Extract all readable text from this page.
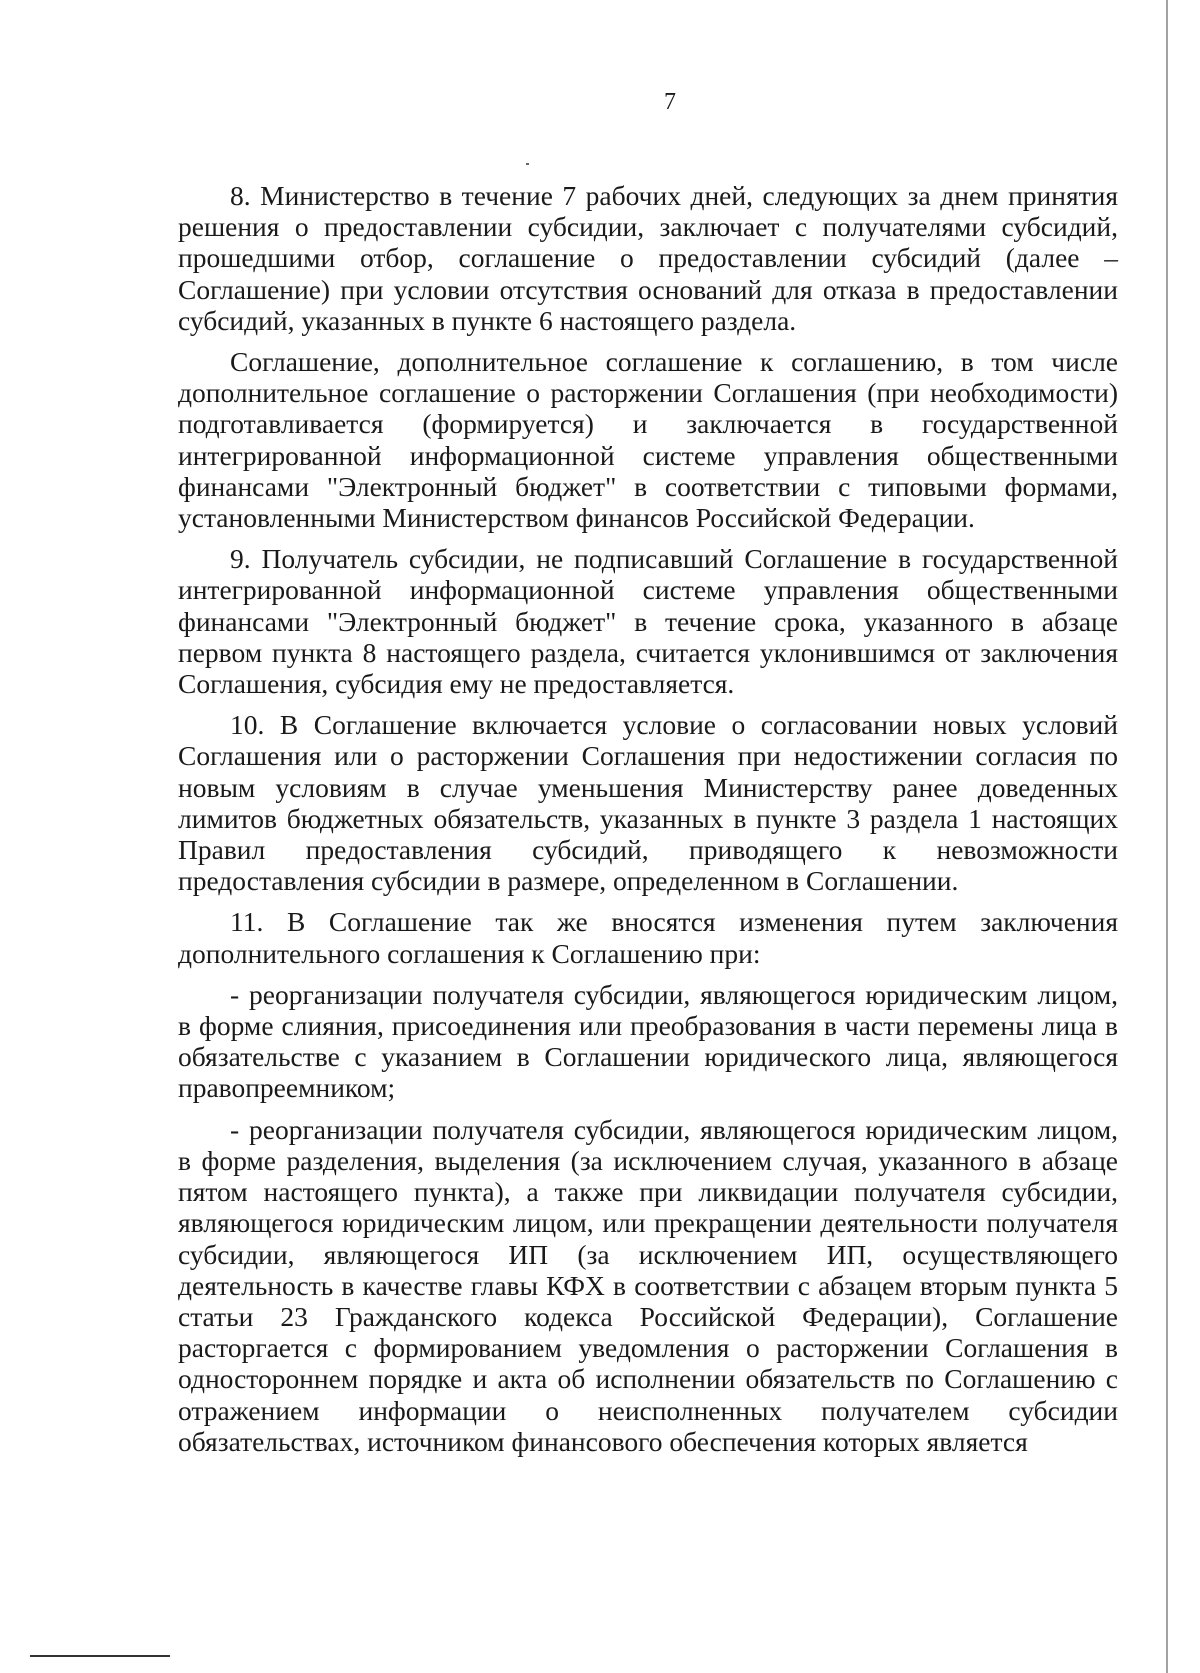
7

8. Министерство в течение 7 рабочих дней, следующих за днем принятия решения о предоставлении субсидии, заключает с получателями субсидий, прошедшими отбор, соглашение о предоставлении субсидий (далее – Соглашение) при условии отсутствия оснований для отказа в предоставлении субсидий, указанных в пункте 6 настоящего раздела.

Соглашение, дополнительное соглашение к соглашению, в том числе дополнительное соглашение о расторжении Соглашения (при необходимости) подготавливается (формируется) и заключается в государственной интегрированной информационной системе управления общественными финансами "Электронный бюджет" в соответствии с типовыми формами, установленными Министерством финансов Российской Федерации.

9. Получатель субсидии, не подписавший Соглашение в государственной интегрированной информационной системе управления общественными финансами "Электронный бюджет" в течение срока, указанного в абзаце первом пункта 8 настоящего раздела, считается уклонившимся от заключения Соглашения, субсидия ему не предоставляется.

10. В Соглашение включается условие о согласовании новых условий Соглашения или о расторжении Соглашения при недостижении согласия по новым условиям в случае уменьшения Министерству ранее доведенных лимитов бюджетных обязательств, указанных в пункте 3 раздела 1 настоящих Правил предоставления субсидий, приводящего к невозможности предоставления субсидии в размере, определенном в Соглашении.

11. В Соглашение так же вносятся изменения путем заключения дополнительного соглашения к Соглашению при:

- реорганизации получателя субсидии, являющегося юридическим лицом, в форме слияния, присоединения или преобразования в части перемены лица в обязательстве с указанием в Соглашении юридического лица, являющегося правопреемником;

- реорганизации получателя субсидии, являющегося юридическим лицом, в форме разделения, выделения (за исключением случая, указанного в абзаце пятом настоящего пункта), а также при ликвидации получателя субсидии, являющегося юридическим лицом, или прекращении деятельности получателя субсидии, являющегося ИП (за исключением ИП, осуществляющего деятельность в качестве главы КФХ в соответствии с абзацем вторым пункта 5 статьи 23 Гражданского кодекса Российской Федерации), Соглашение расторгается с формированием уведомления о расторжении Соглашения в одностороннем порядке и акта об исполнении обязательств по Соглашению с отражением информации о неисполненных получателем субсидии обязательствах, источником финансового обеспечения которых является
